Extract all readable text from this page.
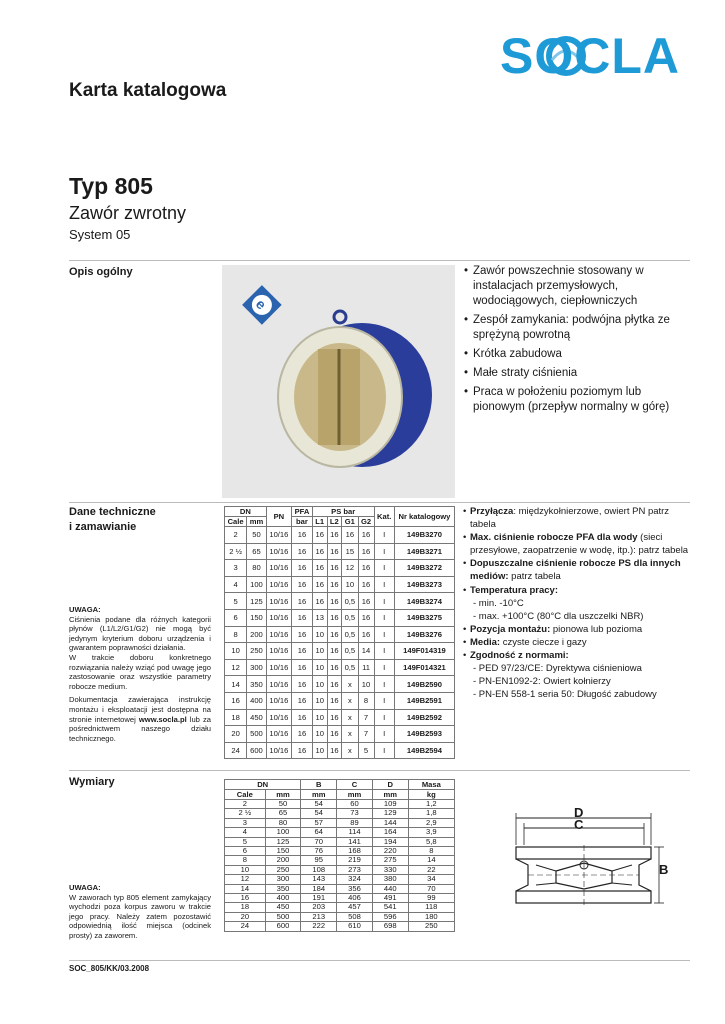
SOCLA
Karta katalogowa
Typ 805
Zawór zwrotny
System 05
Opis ogólny
e
• Zawór powszechnie stosowany w instalacjach przemysłowych, wodociągowych, ciepłowniczych
• Zespół zamykania: podwójna płytka ze sprężyną powrotną
• Krótka zabudowa
• Małe straty ciśnienia
• Praca w położeniu poziomym lub pionowym (przepływ normalny w górę)
Dane techniczne
i zamawianie
UWAGA:
Ciśnienia podane dla różnych kategorii płynów (L1/L2/G1/G2) nie mogą być jedynym kryterium doboru urządzenia i gwarantem poprawności działania.
W trakcie doboru konkretnego rozwiązania należy wziąć pod uwagę jego zastosowanie oraz wszystkie parametry robocze medium.
Dokumentacja zawierająca instrukcję montażu i eksploatacji jest dostępna na stronie internetowej www.socla.pl lub za pośrednictwem naszego działu technicznego.
DN		PN	PFA	PS bar				Kat.	Nr katalogowy
Cale	mm		bar	L1	L2	G1	G2		
2	50	10/16	16	16	16	16	16	I	149B3270
2 ½	65	10/16	16	16	16	15	16	I	149B3271
3	80	10/16	16	16	16	12	16	I	149B3272
4	100	10/16	16	16	16	10	16	I	149B3273
5	125	10/16	16	16	16	0,5	16	I	149B3274
6	150	10/16	16	13	16	0,5	16	I	149B3275
8	200	10/16	16	10	16	0,5	16	I	149B3276
10	250	10/16	16	10	16	0,5	14	I	149F014319
12	300	10/16	16	10	16	0,5	11	I	149F014321
14	350	10/16	16	10	16	x	10	I	149B2590
16	400	10/16	16	10	16	x	8	I	149B2591
18	450	10/16	16	10	16	x	7	I	149B2592
20	500	10/16	16	10	16	x	7	I	149B2593
24	600	10/16	16	10	16	x	5	I	149B2594
• Przyłącza: międzykołnierzowe, owiert PN patrz tabela
• Max. ciśnienie robocze PFA dla wody (sieci przesyłowe, zaopatrzenie w wodę, itp.): patrz tabela
• Dopuszczalne ciśnienie robocze PS dla innych mediów: patrz tabela
• Temperatura pracy:
- min. -10°C
- max. +100°C (80°C dla uszczelki NBR)
• Pozycja montażu: pionowa lub pozioma
• Media: czyste ciecze i gazy
• Zgodność z normami:
- PED 97/23/CE: Dyrektywa ciśnieniowa
- PN-EN1092-2: Owiert kołnierzy
- PN-EN 558-1 seria 50: Długość zabudowy
Wymiary
UWAGA:
W zaworach typ 805 element zamykający wychodzi poza korpus zaworu w trakcie jego pracy. Należy zatem pozostawić odpowiednią ilość miejsca (odcinek prosty) za zaworem.
DN		B	C	D	Masa
Cale	mm	mm	mm	mm	kg
2	50	54	60	109	1,2
2 ½	65	54	73	129	1,8
3	80	57	89	144	2,9
4	100	64	114	164	3,9
5	125	70	141	194	5,8
6	150	76	168	220	8
8	200	95	219	275	14
10	250	108	273	330	22
12	300	143	324	380	34
14	350	184	356	440	70
16	400	191	406	491	99
18	450	203	457	541	118
20	500	213	508	596	180
24	600	222	610	698	250
D
C
B
SOC_805/KK/03.2008
